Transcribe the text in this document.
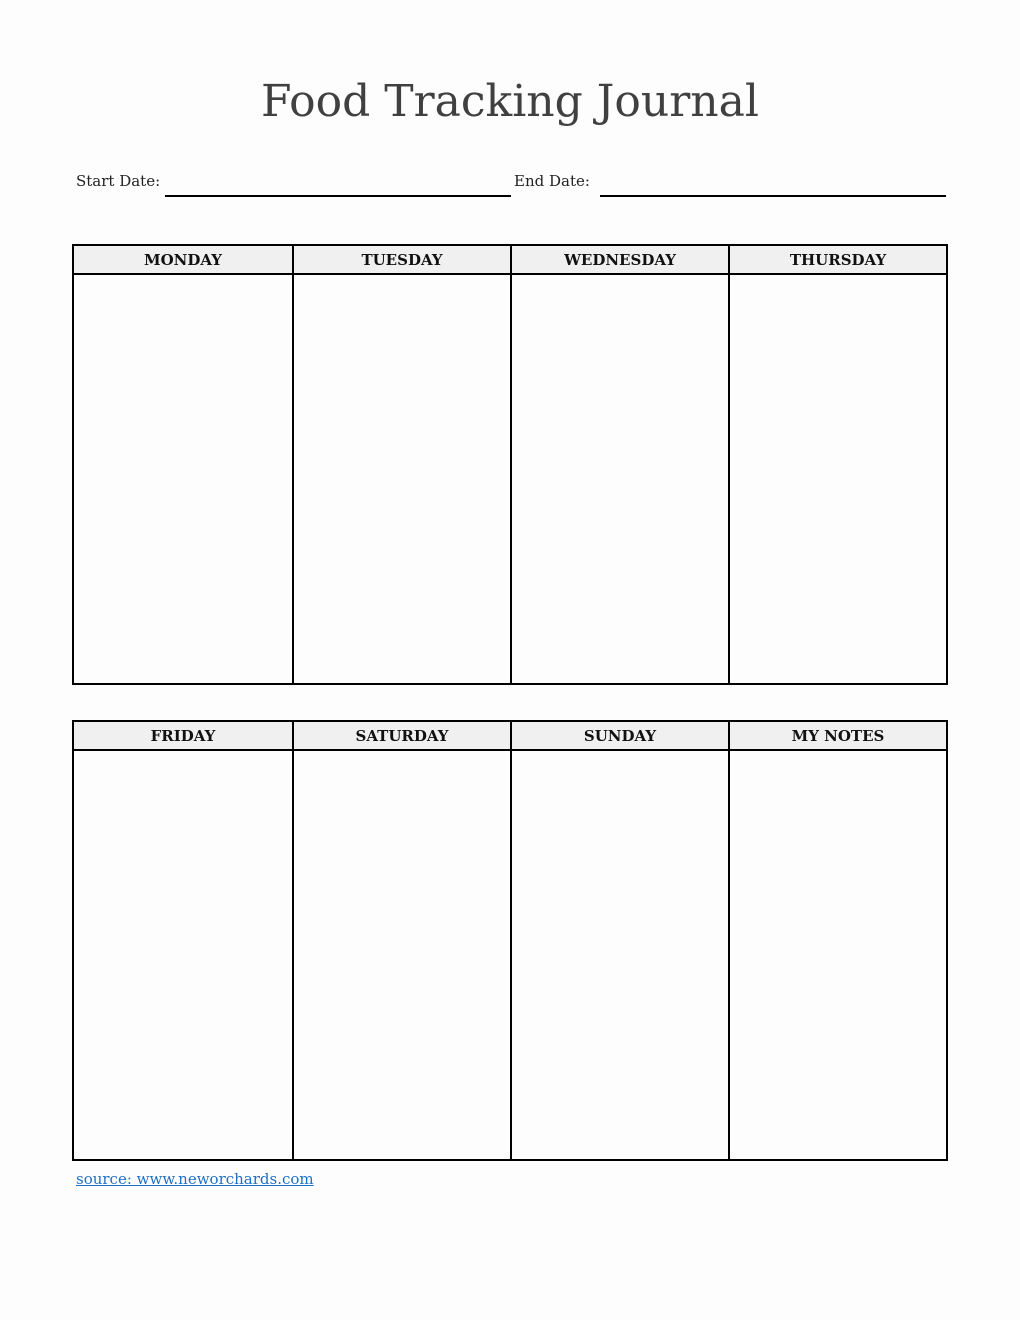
Food Tracking Journal
Start Date:	End Date:
MONDAY	TUESDAY	WEDNESDAY	THURSDAY

FRIDAY	SATURDAY	SUNDAY	MY NOTES

source: www.neworchards.com
